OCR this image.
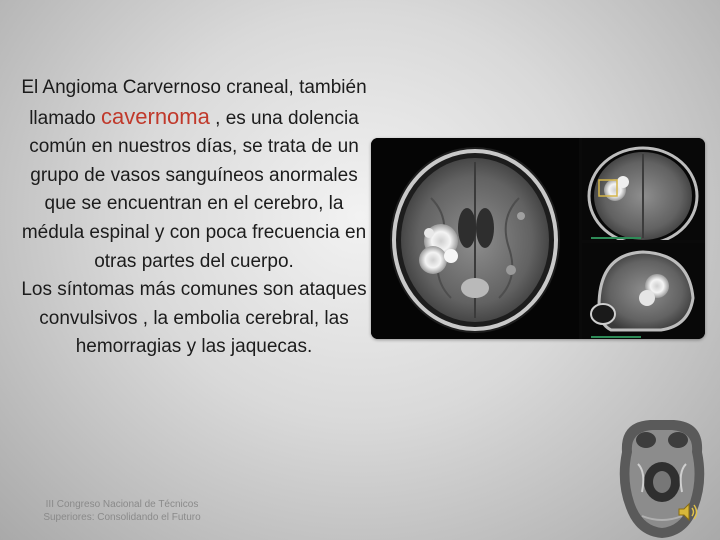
El Angioma Carvernoso craneal, también llamado cavernoma , es una dolencia común en nuestros días, se trata de un grupo de vasos sanguíneos anormales que se encuentran en el cerebro, la médula espinal y con poca frecuencia en otras partes del cuerpo.

Los síntomas más comunes son ataques convulsivos , la embolia cerebral, las hemorragias y las jaquecas.

III Congreso Nacional de Técnicos
Superiores: Consolidando el Futuro
